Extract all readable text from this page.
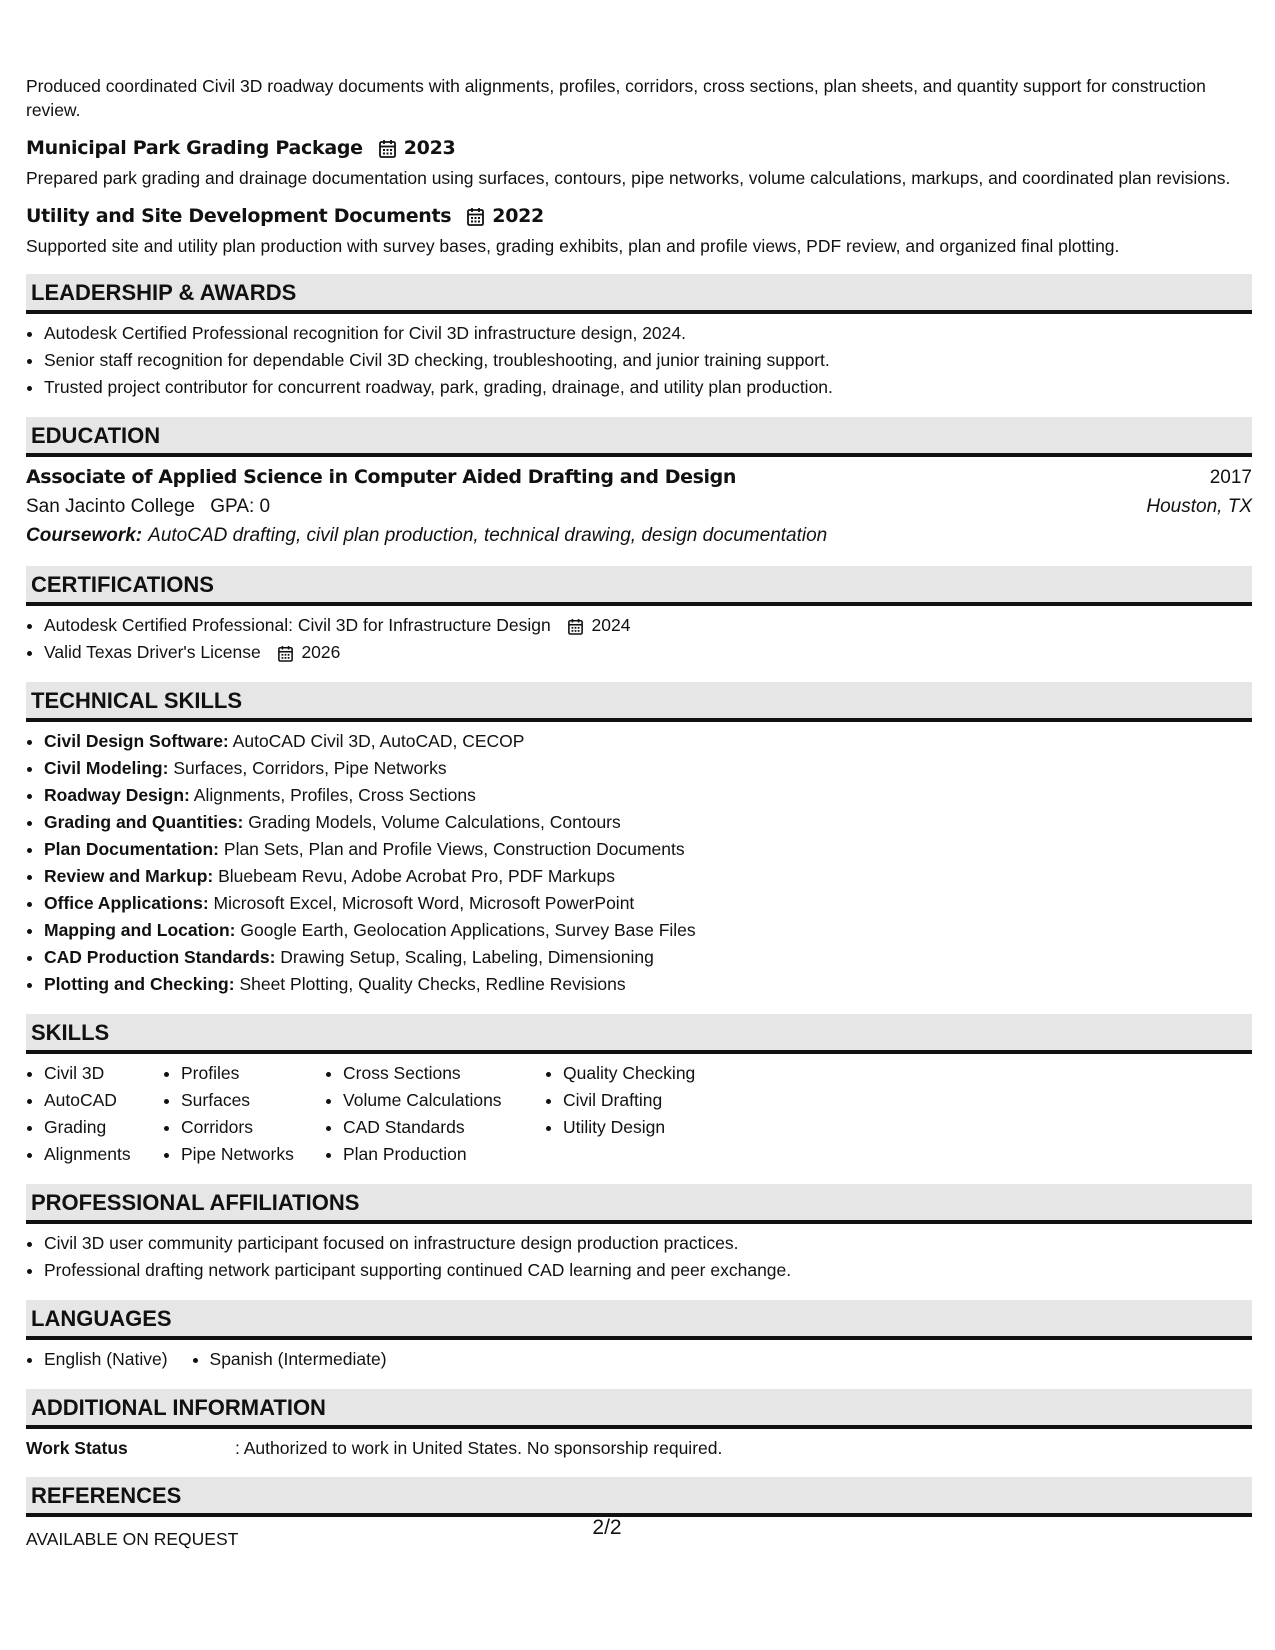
Produced coordinated Civil 3D roadway documents with alignments, profiles, corridors, cross sections, plan sheets, and quantity support for construction review.

Municipal Park Grading Package 2023

Prepared park grading and drainage documentation using surfaces, contours, pipe networks, volume calculations, markups, and coordinated plan revisions.

Utility and Site Development Documents 2022

Supported site and utility plan production with survey bases, grading exhibits, plan and profile views, PDF review, and organized final plotting.

LEADERSHIP & AWARDS
• Autodesk Certified Professional recognition for Civil 3D infrastructure design, 2024.
• Senior staff recognition for dependable Civil 3D checking, troubleshooting, and junior training support.
• Trusted project contributor for concurrent roadway, park, grading, drainage, and utility plan production.
EDUCATION
Associate of Applied Science in Computer Aided Drafting and Design	2017
San Jacinto College GPA: 0	Houston, TX
Coursework: AutoCAD drafting, civil plan production, technical drawing, design documentation
CERTIFICATIONS
• Autodesk Certified Professional: Civil 3D for Infrastructure Design 2024
• Valid Texas Driver's License 2026
TECHNICAL SKILLS
• Civil Design Software: AutoCAD Civil 3D, AutoCAD, CECOP
• Civil Modeling: Surfaces, Corridors, Pipe Networks
• Roadway Design: Alignments, Profiles, Cross Sections
• Grading and Quantities: Grading Models, Volume Calculations, Contours
• Plan Documentation: Plan Sets, Plan and Profile Views, Construction Documents
• Review and Markup: Bluebeam Revu, Adobe Acrobat Pro, PDF Markups
• Office Applications: Microsoft Excel, Microsoft Word, Microsoft PowerPoint
• Mapping and Location: Google Earth, Geolocation Applications, Survey Base Files
• CAD Production Standards: Drawing Setup, Scaling, Labeling, Dimensioning
• Plotting and Checking: Sheet Plotting, Quality Checks, Redline Revisions
SKILLS
• Civil 3D
• AutoCAD
• Grading
• Alignments
• Profiles
• Surfaces
• Corridors
• Pipe Networks
• Cross Sections
• Volume Calculations
• CAD Standards
• Plan Production
• Quality Checking
• Civil Drafting
• Utility Design
PROFESSIONAL AFFILIATIONS
• Civil 3D user community participant focused on infrastructure design production practices.
• Professional drafting network participant supporting continued CAD learning and peer exchange.
LANGUAGES
• English (Native)
• Spanish (Intermediate)
ADDITIONAL INFORMATION
Work Status	: Authorized to work in United States. No sponsorship required.
REFERENCES

AVAILABLE ON REQUEST	2/2
